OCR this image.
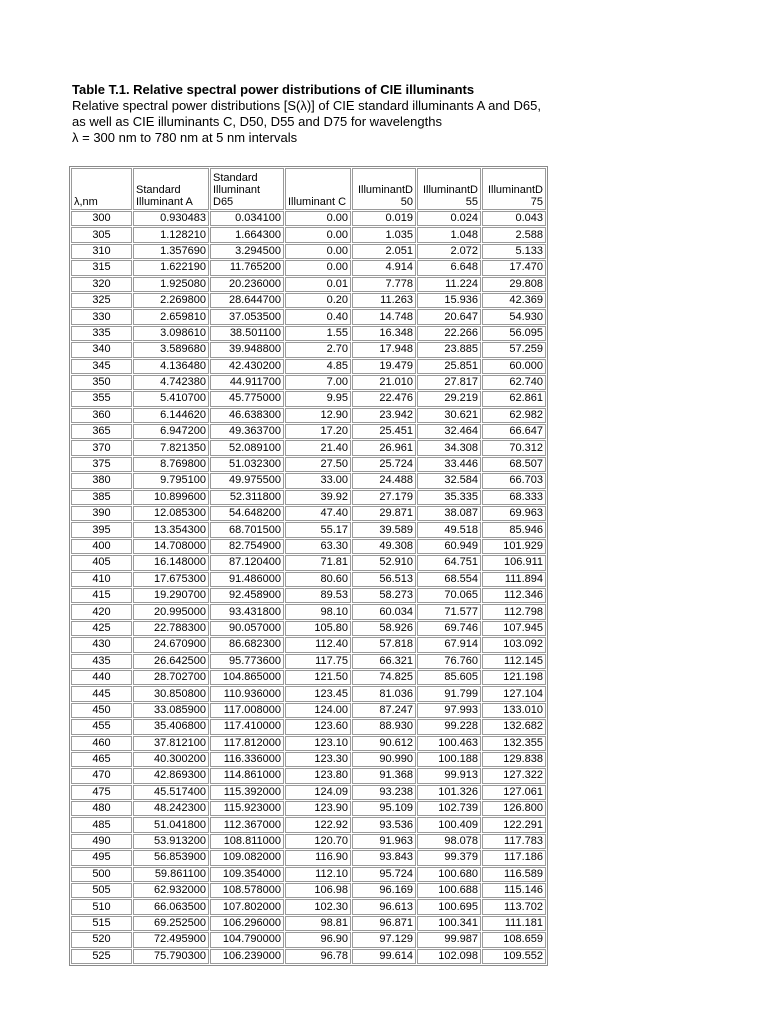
Table T.1. Relative spectral power distributions of CIE illuminants

Relative spectral power distributions [S(λ)] of CIE standard illuminants A and D65,
as well as CIE illuminants C, D50, D55 and D75 for wavelengths
λ = 300 nm to 780 nm at 5 nm intervals

λ,nm	Standard Illuminant A	Standard Illuminant D65	Illuminant C	IlluminantD 50	IlluminantD 55	IlluminantD 75
300	0.930483	0.034100	0.00	0.019	0.024	0.043
305	1.128210	1.664300	0.00	1.035	1.048	2.588
310	1.357690	3.294500	0.00	2.051	2.072	5.133
315	1.622190	11.765200	0.00	4.914	6.648	17.470
320	1.925080	20.236000	0.01	7.778	11.224	29.808
325	2.269800	28.644700	0.20	11.263	15.936	42.369
330	2.659810	37.053500	0.40	14.748	20.647	54.930
335	3.098610	38.501100	1.55	16.348	22.266	56.095
340	3.589680	39.948800	2.70	17.948	23.885	57.259
345	4.136480	42.430200	4.85	19.479	25.851	60.000
350	4.742380	44.911700	7.00	21.010	27.817	62.740
355	5.410700	45.775000	9.95	22.476	29.219	62.861
360	6.144620	46.638300	12.90	23.942	30.621	62.982
365	6.947200	49.363700	17.20	25.451	32.464	66.647
370	7.821350	52.089100	21.40	26.961	34.308	70.312
375	8.769800	51.032300	27.50	25.724	33.446	68.507
380	9.795100	49.975500	33.00	24.488	32.584	66.703
385	10.899600	52.311800	39.92	27.179	35.335	68.333
390	12.085300	54.648200	47.40	29.871	38.087	69.963
395	13.354300	68.701500	55.17	39.589	49.518	85.946
400	14.708000	82.754900	63.30	49.308	60.949	101.929
405	16.148000	87.120400	71.81	52.910	64.751	106.911
410	17.675300	91.486000	80.60	56.513	68.554	111.894
415	19.290700	92.458900	89.53	58.273	70.065	112.346
420	20.995000	93.431800	98.10	60.034	71.577	112.798
425	22.788300	90.057000	105.80	58.926	69.746	107.945
430	24.670900	86.682300	112.40	57.818	67.914	103.092
435	26.642500	95.773600	117.75	66.321	76.760	112.145
440	28.702700	104.865000	121.50	74.825	85.605	121.198
445	30.850800	110.936000	123.45	81.036	91.799	127.104
450	33.085900	117.008000	124.00	87.247	97.993	133.010
455	35.406800	117.410000	123.60	88.930	99.228	132.682
460	37.812100	117.812000	123.10	90.612	100.463	132.355
465	40.300200	116.336000	123.30	90.990	100.188	129.838
470	42.869300	114.861000	123.80	91.368	99.913	127.322
475	45.517400	115.392000	124.09	93.238	101.326	127.061
480	48.242300	115.923000	123.90	95.109	102.739	126.800
485	51.041800	112.367000	122.92	93.536	100.409	122.291
490	53.913200	108.811000	120.70	91.963	98.078	117.783
495	56.853900	109.082000	116.90	93.843	99.379	117.186
500	59.861100	109.354000	112.10	95.724	100.680	116.589
505	62.932000	108.578000	106.98	96.169	100.688	115.146
510	66.063500	107.802000	102.30	96.613	100.695	113.702
515	69.252500	106.296000	98.81	96.871	100.341	111.181
520	72.495900	104.790000	96.90	97.129	99.987	108.659
525	75.790300	106.239000	96.78	99.614	102.098	109.552
